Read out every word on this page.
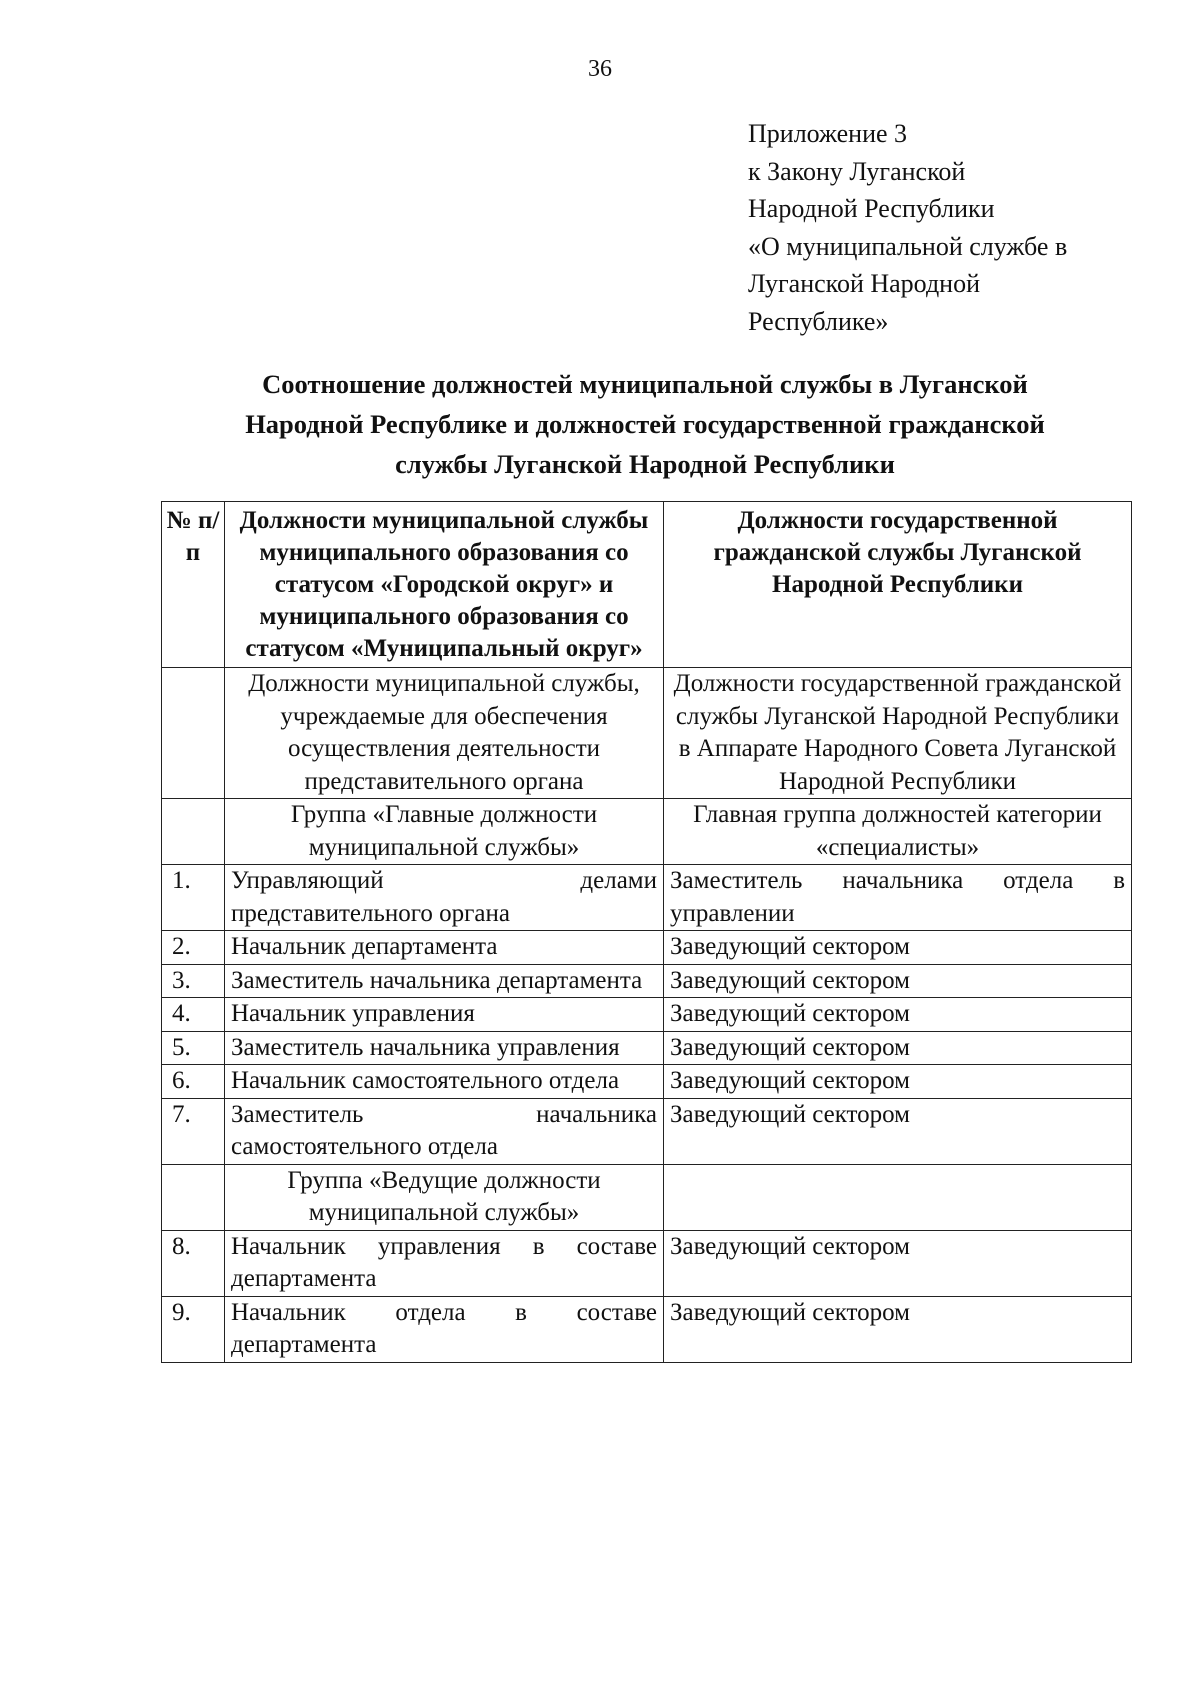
36
Приложение 3
к Закону Луганской
Народной Республики
«О муниципальной службе в
Луганской Народной
Республике»
Соотношение должностей муниципальной службы в Луганской
Народной Республике и должностей государственной гражданской
службы Луганской Народной Республики
№ п/п	Должности муниципальной службы муниципального образования со статусом «Городской округ» и муниципального образования со статусом «Муниципальный округ»	Должности государственной гражданской службы Луганской Народной Республики
	Должности муниципальной службы, учреждаемые для обеспечения осуществления деятельности представительного органа	Должности государственной гражданской службы Луганской Народной Республики в Аппарате Народного Совета Луганской Народной Республики
	Группа «Главные должности муниципальной службы»	Главная группа должностей категории «специалисты»
1.	Управляющий делами представительного органа	Заместитель начальника отдела в управлении
2.	Начальник департамента	Заведующий сектором
3.	Заместитель начальника департамента	Заведующий сектором
4.	Начальник управления	Заведующий сектором
5.	Заместитель начальника управления	Заведующий сектором
6.	Начальник самостоятельного отдела	Заведующий сектором
7.	Заместитель начальника самостоятельного отдела	Заведующий сектором
	Группа «Ведущие должности муниципальной службы»	
8.	Начальник управления в составе департамента	Заведующий сектором
9.	Начальник отдела в составе департамента	Заведующий сектором
